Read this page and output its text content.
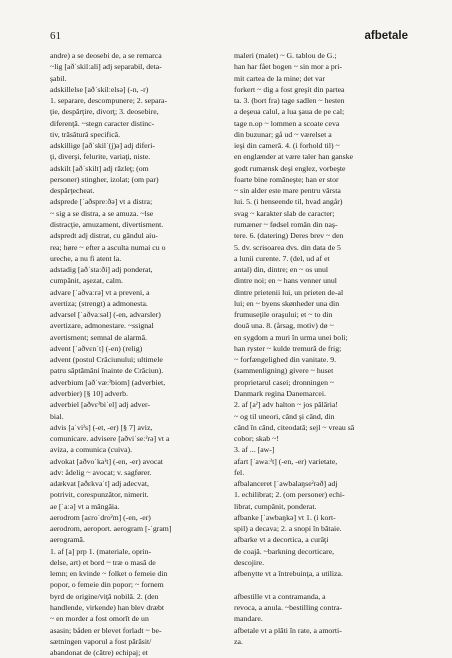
61	afbetale
andre) a se deosebi de, a se remarca
~lig [aðˈskilːali] adj separabil, deta-
şabil.
adskillelse [aðˈskilːelsə] (-n, -r)
1. separare, descompunere; 2. separa-
ţie, despărţire, divorţ; 3. deosebire,
diferenţă. ~stegn caracter distinc-
tiv, trăsătură specifică.
adskillige [aðˈskilˈ(j)ə] adj diferi-
ţi, diverşi, felurite, variaţi, niste.
adskilt [aðˈskilt] adj răzleţ; (om
personer) stingher, izolat; (om par)
despărţecheat.
adsprede [ˈaðspreːðə] vt a distra;
~ sig a se distra, a se amuza. ~lse
distracţie, amuzament, divertisment.
adspredt adj distrat, cu gândul aiu-
rea; høre ~ efter a asculta numai cu o
ureche, a nu fi atent la.
adstadig [aðˈstaːði] adj ponderat,
cumpănit, aşezat, calm.
advare [ˈaðvaːrə] vt a preveni, a
avertiza; (strengt) a admonesta.
advarsel [ˈaðvaːsəl] (-en, advarsler)
avertizare, admonestare. ~ssignal
avertisment; semnal de alarmă.
advent [ˈaðvɛnˈt] (-en) (relig)
advent (postul Crăciunului; ultimele
patru săptămâni înainte de Crăciun).
adverbium [aðˈvæːˀbiom] (adverbiet,
adverbier) [§ 10] adverb.
adverbiel [aðvɛˀbiˈel] adj adver-
bial.
advis [aˈviˀs] (-et, -er) [§ 7] aviz,
comunicare. advisere [aðviˈseːˀrə] vt a
aviza, a comunica (cuiva).
advokat [aðvoˈkaˀt] (-en, -er) avocat
adv: ådelig ~ avocat; v. sagfører.
adækvat [aðɛkvaˈt] adj adecvat,
potrivit, corespunzător, nimerit.
ae [ˈaːə] vt a mângâia.
aerodrom [aɛroˈdroˀm] (-en, -er)
aerodrom, aeroport. aerogram [-ˈgram]
aerogramă.
1. af [a] prp 1. (materiale, oprin-
delse, art) et bord ~ træ o masă de
lemn; en kvinde ~ folket o femeie din
popor, o femeie din popor; ~ fornem
byrd de origine/viţă nobilă. 2. (den
handlende, virkende) han blev dræbt
~ en morder a fost omorît de un
asasin; båden er blevet forladt ~ be-
sætningen vaporul a fost părăsit/
abandonat de (către) echipaj; et
maleri (malet) ~ G. tablou de G.;
han har fået bogen ~ sin mor a pri-
mit cartea de la mine; det var
forkert ~ dig a fost greşit din partea
ta. 3. (bort fra) tage sadlen ~ hesten
a deşeua calul, a lua şaua de pe cal;
tage n.op ~ lommen a scoate ceva
din buzunar; gå ud ~ værelset a
ieşi din cameră. 4. (i forhold til) ~
en englænder at være taler han ganske
godt rumænsk deşi englez, vorbeşte
foarte bine româneşte; han er stor
~ sin alder este mare pentru vârsta
lui. 5. (i henseende til, hvad angår)
svag ~ karakter slab de caracter;
rumæner ~ fødsel român din naş-
tere. 6. (datering) Deres brev ~ den
5. dv. scrisoarea dvs. din data de 5
a lunii curente. 7. (del, ud af et
antal) din, dintre; en ~ os unul
dintre noi; en ~ hans venner unul
dintre prietenii lui, un prieten de-al
lui; en ~ byens skønheder una din
frumuseţile oraşului; et ~ to din
două una. 8. (årsag, motiv) dø ~
en sygdom a muri în urma unei boli;
han ryster ~ kulde tremură de frig;
~ forfængelighed din vanitate. 9.
(sammenligning) givere ~ huset
proprietarul casei; dronningen ~
Danmark regina Danemarcei.
2. af [aˀ] adv halton ~ jos pălăria!
~ og til uneori, când şi când, din
când în când, citeodată; sejl ~ vreau să
cobor; skab ~!
3. af ... [aw-]
afart [ˈawaːˀt] (-en, -er) varietate,
fel.
afbalanceret [ˈawbalaŋseˀrəð] adj
1. echilibrat; 2. (om personer) echi-
librat, cumpănit, ponderat.
afbanke [ˈawbaŋkə] vt 1. (i kort-
spil) a decava; 2. a snopi în bătaie.
afbarke vt a decortica, a curăţi
de coajă. ~barkning decorticare,
descojire.
afbenytte vt a întrebuinţa, a utiliza.
afbestille vt a contramanda, a
revoca, a anula. ~bestilling contra-
mandare.
afbetale vt a plăti în rate, a amorti-
za.
